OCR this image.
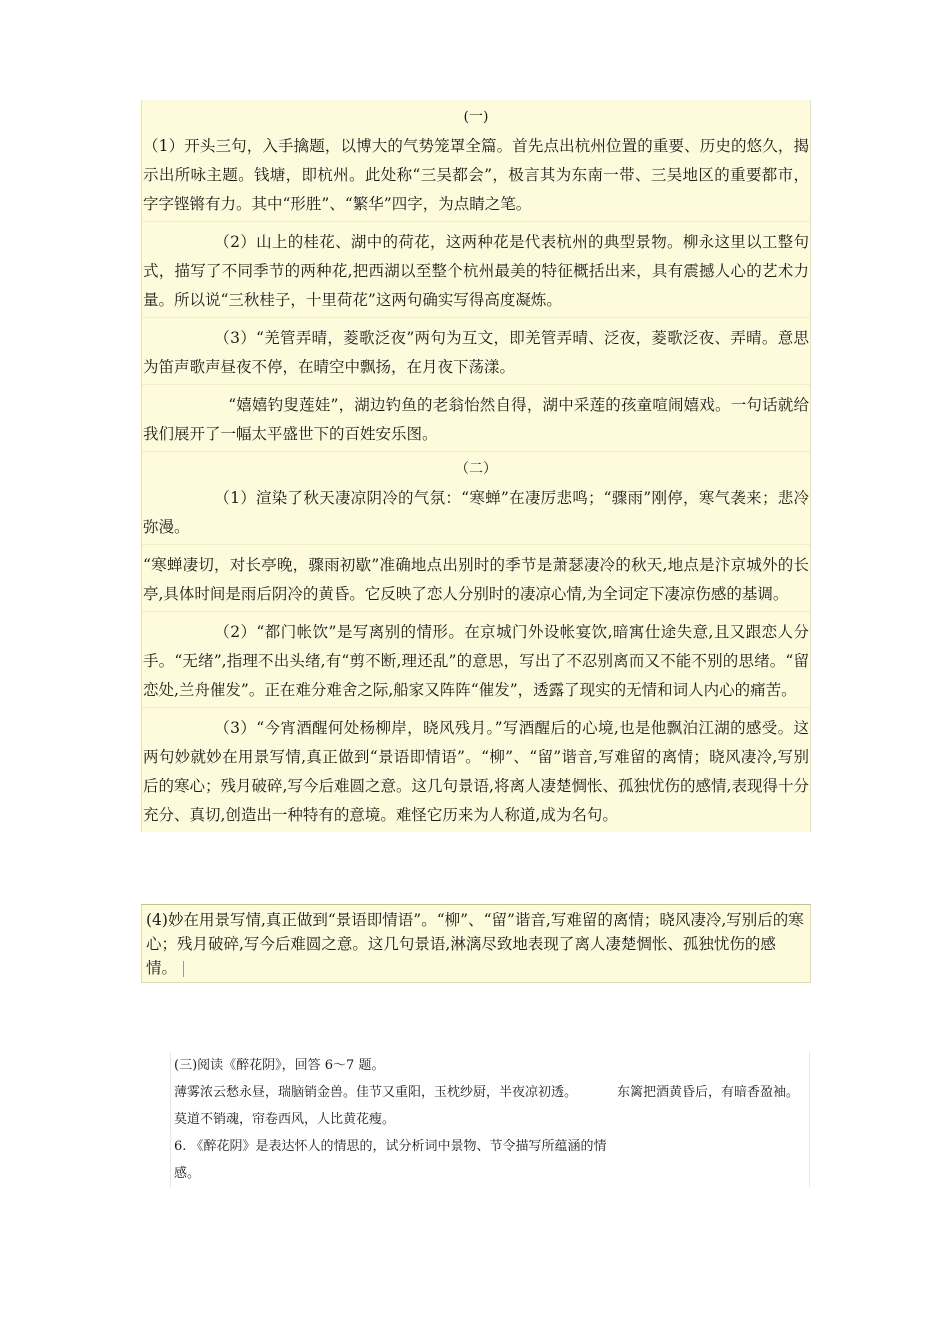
(一)

（1）开头三句，入手擒题，以博大的气势笼罩全篇。首先点出杭州位置的重要、历史的悠久，揭示出所咏主题。钱塘，即杭州。此处称“三吴都会”，极言其为东南一带、三吴地区的重要都市，字字铿锵有力。其中“形胜”、“繁华”四字，为点睛之笔。

（2）山上的桂花、湖中的荷花，这两种花是代表杭州的典型景物。柳永这里以工整句式，描写了不同季节的两种花,把西湖以至整个杭州最美的特征概括出来，具有震撼人心的艺术力量。所以说“三秋桂子，十里荷花”这两句确实写得高度凝炼。

（3）“羌管弄晴，菱歌泛夜”两句为互文，即羌管弄晴、泛夜，菱歌泛夜、弄晴。意思为笛声歌声昼夜不停，在晴空中飘扬，在月夜下荡漾。

“嬉嬉钓叟莲娃”，湖边钓鱼的老翁怡然自得，湖中采莲的孩童喧闹嬉戏。一句话就给我们展开了一幅太平盛世下的百姓安乐图。

（二）

（1）渲染了秋天凄凉阴冷的气氛：“寒蝉”在凄厉悲鸣；“骤雨”刚停，寒气袭来；悲冷弥漫。

“寒蝉凄切，对长亭晚，骤雨初歇”准确地点出别时的季节是萧瑟凄冷的秋天,地点是汴京城外的长亭,具体时间是雨后阴冷的黄昏。它反映了恋人分别时的凄凉心情,为全词定下凄凉伤感的基调。

（2）“都门帐饮”是写离别的情形。在京城门外设帐宴饮,暗寓仕途失意,且又跟恋人分手。“无绪”,指理不出头绪,有“剪不断,理还乱”的意思，写出了不忍别离而又不能不别的思绪。“留恋处,兰舟催发”。正在难分难舍之际,船家又阵阵“催发”，透露了现实的无情和词人内心的痛苦。

（3）“今宵酒醒何处杨柳岸，晓风残月。”写酒醒后的心境,也是他飘泊江湖的感受。这两句妙就妙在用景写情,真正做到“景语即情语”。“柳”、“留”谐音,写难留的离情；晓风凄冷,写别后的寒心；残月破碎,写今后难圆之意。这几句景语,将离人凄楚惆怅、孤独忧伤的感情,表现得十分充分、真切,创造出一种特有的意境。难怪它历来为人称道,成为名句。

(4)妙在用景写情,真正做到“景语即情语”。“柳”、“留”谐音,写难留的离情；晓风凄冷,写别后的寒心；残月破碎,写今后难圆之意。这几句景语,淋漓尽致地表现了离人凄楚惆怅、孤独忧伤的感情。

(三)阅读《醉花阴》，回答 6～7 题。

薄雾浓云愁永昼，瑞脑销金兽。佳节又重阳，玉枕纱厨，半夜凉初透。	东篱把酒黄昏后，有暗香盈袖。莫道不销魂，帘卷西风，人比黄花瘦。

6. 《醉花阴》是表达怀人的情思的，试分析词中景物、节令描写所蕴涵的情

感。
